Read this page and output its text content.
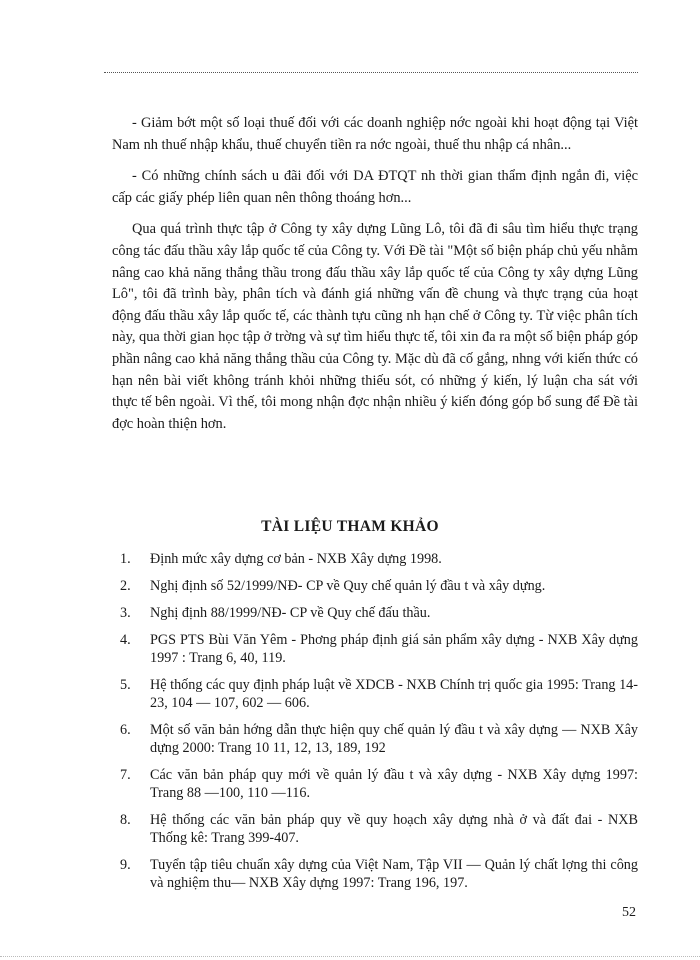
- Giảm bớt một số loại thuế đối với các doanh nghiệp nớc ngoài khi hoạt động tại Việt Nam nh thuế nhập khẩu, thuế chuyển tiền ra nớc ngoài, thuế thu nhập cá nhân...

- Có những chính sách u đãi đối với DA ĐTQT nh thời gian thẩm định ngắn đi, việc cấp các giấy phép liên quan nên thông thoáng hơn...

Qua quá trình thực tập ở Công ty xây dựng Lũng Lô, tôi đã đi sâu tìm hiểu thực trạng công tác đấu thầu xây lắp quốc tế của Công ty. Với Đề tài "Một số biện pháp chủ yếu nhằm nâng cao khả năng thắng thầu trong đấu thầu xây lắp quốc tế của Công ty xây dựng Lũng Lô", tôi đã trình bày, phân tích và đánh giá những vấn đề chung và thực trạng của hoạt động đấu thầu xây lắp quốc tế, các thành tựu cũng nh hạn chế ở Công ty. Từ việc phân tích này, qua thời gian học tập ở trờng và sự tìm hiểu thực tế, tôi xin đa ra một số biện pháp góp phần nâng cao khả năng thắng thầu của Công ty. Mặc dù đã cố gắng, nhng với kiến thức có hạn nên bài viết không tránh khỏi những thiếu sót, có những ý kiến, lý luận cha sát với thực tế bên ngoài. Vì thế, tôi mong nhận đợc nhận nhiều ý kiến đóng góp bổ sung để Đề tài đợc hoàn thiện hơn.

TÀI LIỆU THAM KHẢO
1.	Định mức xây dựng cơ bản - NXB Xây dựng 1998.
2.	Nghị định số 52/1999/NĐ- CP về Quy chế quản lý đầu t và xây dựng.
3.	Nghị định 88/1999/NĐ- CP về Quy chế đấu thầu.
4.	PGS PTS Bùi Văn Yêm - Phơng pháp định giá sản phẩm xây dựng - NXB Xây dựng 1997 : Trang 6, 40, 119.
5.	Hệ thống các quy định pháp luật về XDCB - NXB Chính trị quốc gia 1995: Trang 14-23, 104 — 107, 602 — 606.
6.	Một số văn bản hớng dẫn thực hiện quy chế quản lý đầu t và xây dựng — NXB Xây dựng 2000: Trang 10 11, 12, 13, 189, 192
7.	Các văn bản pháp quy mới về quản lý đầu t và xây dựng - NXB Xây dựng 1997: Trang 88 —100, 110 —116.
8.	Hệ thống các văn bản pháp quy về quy hoạch xây dựng nhà ở và đất đai - NXB Thống kê: Trang 399-407.
9.	Tuyển tập tiêu chuẩn xây dựng của Việt Nam, Tập VII — Quản lý chất lợng thi công và nghiệm thu— NXB Xây dựng 1997: Trang 196, 197.
52
